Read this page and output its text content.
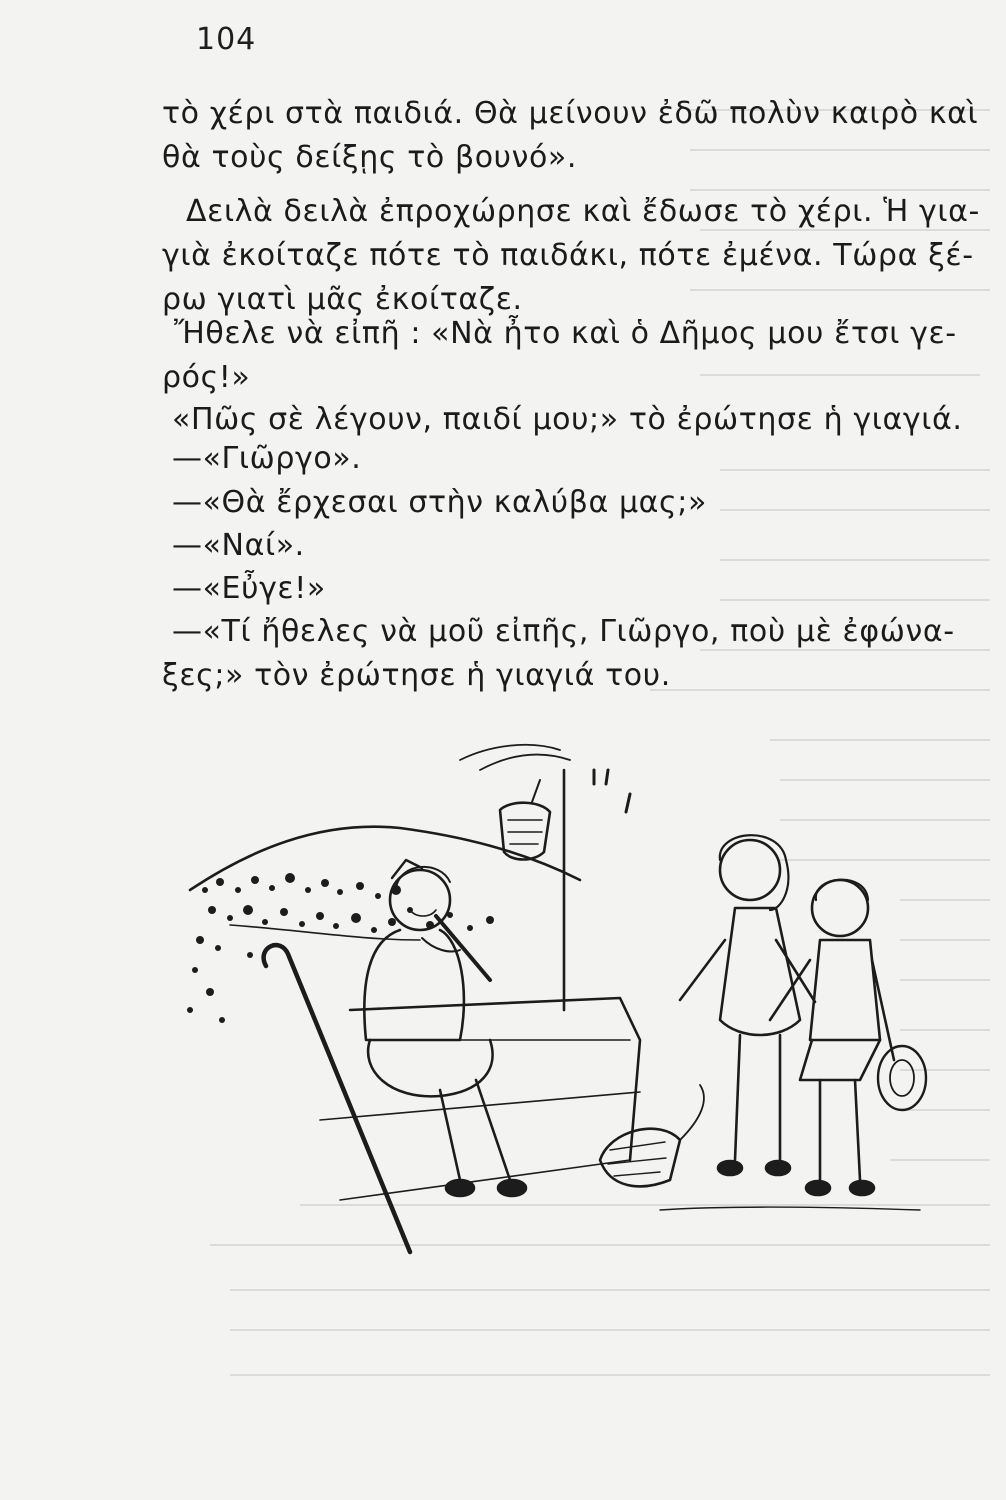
104
τὸ χέρι στὰ παιδιά. Θὰ μείνουν ἐδῶ πολὺν καιρὸ καὶ
θὰ τοὺς δείξῃς τὸ βουνό».
Δειλὰ δειλὰ ἐπροχώρησε καὶ ἔδωσε τὸ χέρι. Ἡ για-
γιὰ ἐκοίταζε πότε τὸ παιδάκι, πότε ἐμένα. Τώρα ξέ-
ρω γιατὶ μᾶς ἐκοίταζε.
Ἤθελε νὰ εἰπῆ : «Νὰ ἦτο καὶ ὁ Δῆμος μου ἔτσι γε-
ρός!»
«Πῶς σὲ λέγουν, παιδί μου;» τὸ ἐρώτησε ἡ γιαγιά.
—«Γιῶργο».
—«Θὰ ἔρχεσαι στὴν καλύβα μας;»
—«Ναί».
—«Εὖγε!»
—«Τί ἤθελες νὰ μοῦ εἰπῆς, Γιῶργο, ποὺ μὲ ἐφώνα-
ξες;» τὸν ἐρώτησε ἡ γιαγιά του.
